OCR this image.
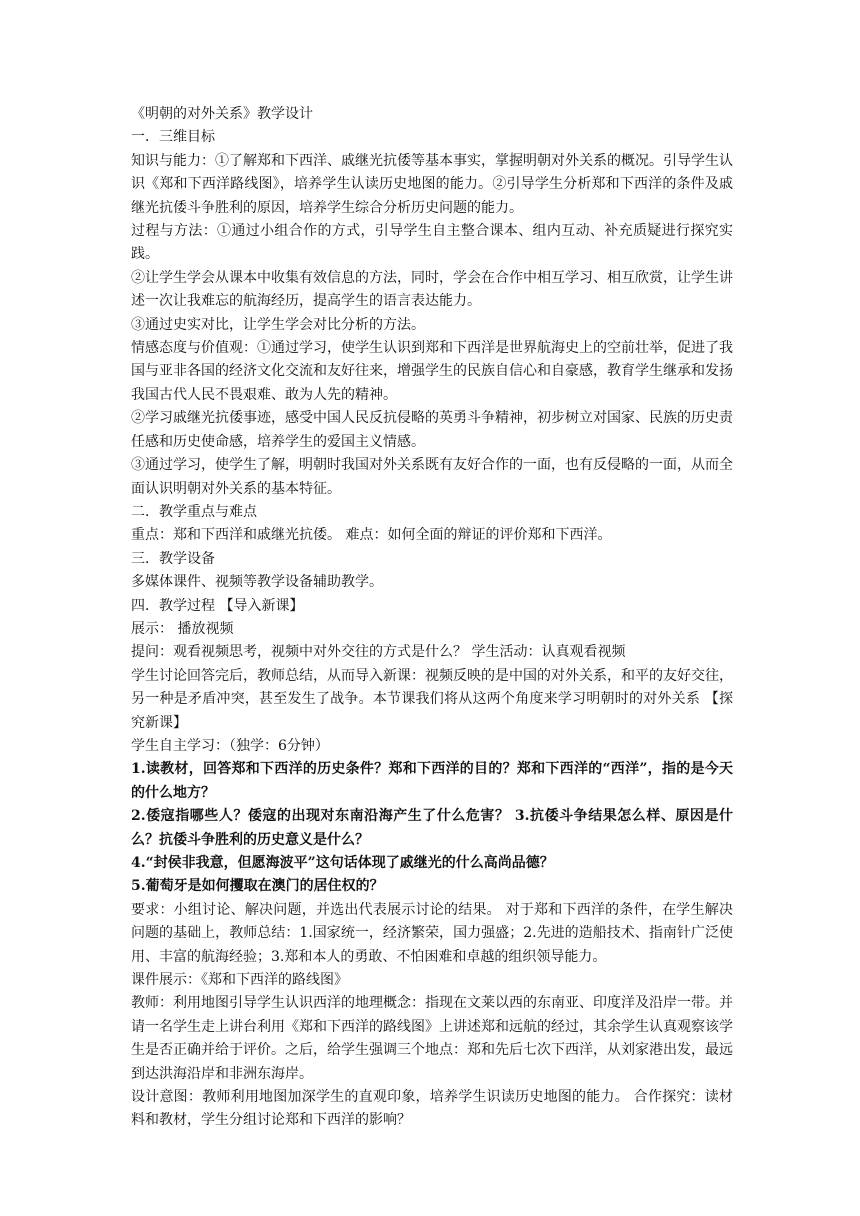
《明朝的对外关系》教学设计

一．三维目标

知识与能力：①了解郑和下西洋、戚继光抗倭等基本事实，掌握明朝对外关系的概况。引导学生认识《郑和下西洋路线图》，培养学生认读历史地图的能力。②引导学生分析郑和下西洋的条件及戚继光抗倭斗争胜利的原因，培养学生综合分析历史问题的能力。

过程与方法：①通过小组合作的方式，引导学生自主整合课本、组内互动、补充质疑进行探究实践。

②让学生学会从课本中收集有效信息的方法，同时，学会在合作中相互学习、相互欣赏，让学生讲述一次让我难忘的航海经历，提高学生的语言表达能力。

③通过史实对比，让学生学会对比分析的方法。

情感态度与价值观：①通过学习，使学生认识到郑和下西洋是世界航海史上的空前壮举，促进了我国与亚非各国的经济文化交流和友好往来，增强学生的民族自信心和自豪感，教育学生继承和发扬我国古代人民不畏艰难、敢为人先的精神。

②学习戚继光抗倭事迹，感受中国人民反抗侵略的英勇斗争精神，初步树立对国家、民族的历史责任感和历史使命感，培养学生的爱国主义情感。

③通过学习，使学生了解，明朝时我国对外关系既有友好合作的一面，也有反侵略的一面，从而全面认识明朝对外关系的基本特征。

二．教学重点与难点

重点：郑和下西洋和戚继光抗倭。 难点：如何全面的辩证的评价郑和下西洋。

三．教学设备

多媒体课件、视频等教学设备辅助教学。

四．教学过程 【导入新课】

展示： 播放视频

提问：观看视频思考，视频中对外交往的方式是什么？ 学生活动：认真观看视频

学生讨论回答完后，教师总结，从而导入新课：视频反映的是中国的对外关系，和平的友好交往，另一种是矛盾冲突，甚至发生了战争。本节课我们将从这两个角度来学习明朝时的对外关系 【探究新课】

学生自主学习：（独学：6分钟）

1.读教材，回答郑和下西洋的历史条件？郑和下西洋的目的？郑和下西洋的“西洋”，指的是今天的什么地方？

2.倭寇指哪些人？倭寇的出现对东南沿海产生了什么危害？ 3.抗倭斗争结果怎么样、原因是什么？抗倭斗争胜利的历史意义是什么？

4.“封侯非我意，但愿海波平”这句话体现了戚继光的什么高尚品德？

5.葡萄牙是如何攫取在澳门的居住权的？

要求：小组讨论、解决问题，并选出代表展示讨论的结果。 对于郑和下西洋的条件，在学生解决问题的基础上，教师总结：1.国家统一，经济繁荣，国力强盛；2.先进的造船技术、指南针广泛使用、丰富的航海经验；3.郑和本人的勇敢、不怕困难和卓越的组织领导能力。

课件展示：《郑和下西洋的路线图》

教师：利用地图引导学生认识西洋的地理概念：指现在文莱以西的东南亚、印度洋及沿岸一带。并请一名学生走上讲台利用《郑和下西洋的路线图》上讲述郑和远航的经过，其余学生认真观察该学生是否正确并给于评价。之后，给学生强调三个地点：郑和先后七次下西洋，从刘家港出发，最远到达洪海沿岸和非洲东海岸。

设计意图：教师利用地图加深学生的直观印象，培养学生识读历史地图的能力。 合作探究：读材料和教材，学生分组讨论郑和下西洋的影响？
